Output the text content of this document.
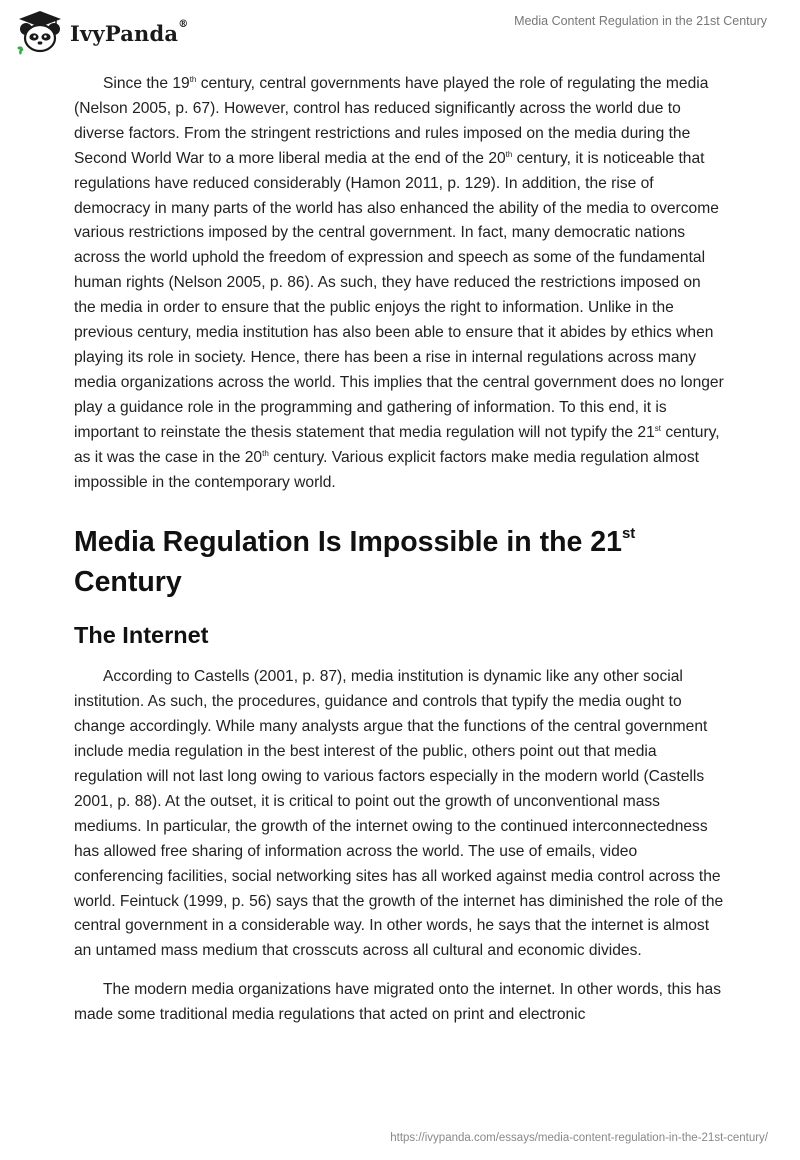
IvyPanda®	Media Content Regulation in the 21st Century

Since the 19th century, central governments have played the role of regulating the media (Nelson 2005, p. 67). However, control has reduced significantly across the world due to diverse factors. From the stringent restrictions and rules imposed on the media during the Second World War to a more liberal media at the end of the 20th century, it is noticeable that regulations have reduced considerably (Hamon 2011, p. 129). In addition, the rise of democracy in many parts of the world has also enhanced the ability of the media to overcome various restrictions imposed by the central government. In fact, many democratic nations across the world uphold the freedom of expression and speech as some of the fundamental human rights (Nelson 2005, p. 86). As such, they have reduced the restrictions imposed on the media in order to ensure that the public enjoys the right to information. Unlike in the previous century, media institution has also been able to ensure that it abides by ethics when playing its role in society. Hence, there has been a rise in internal regulations across many media organizations across the world. This implies that the central government does no longer play a guidance role in the programming and gathering of information. To this end, it is important to reinstate the thesis statement that media regulation will not typify the 21st century, as it was the case in the 20th century. Various explicit factors make media regulation almost impossible in the contemporary world.

Media Regulation Is Impossible in the 21st
Century
The Internet

According to Castells (2001, p. 87), media institution is dynamic like any other social institution. As such, the procedures, guidance and controls that typify the media ought to change accordingly. While many analysts argue that the functions of the central government include media regulation in the best interest of the public, others point out that media regulation will not last long owing to various factors especially in the modern world (Castells 2001, p. 88). At the outset, it is critical to point out the growth of unconventional mass mediums. In particular, the growth of the internet owing to the continued interconnectedness has allowed free sharing of information across the world. The use of emails, video conferencing facilities, social networking sites has all worked against media control across the world. Feintuck (1999, p. 56) says that the growth of the internet has diminished the role of the central government in a considerable way. In other words, he says that the internet is almost an untamed mass medium that crosscuts across all cultural and economic divides.

The modern media organizations have migrated onto the internet. In other words, this has made some traditional media regulations that acted on print and electronic

https://ivypanda.com/essays/media-content-regulation-in-the-21st-century/
